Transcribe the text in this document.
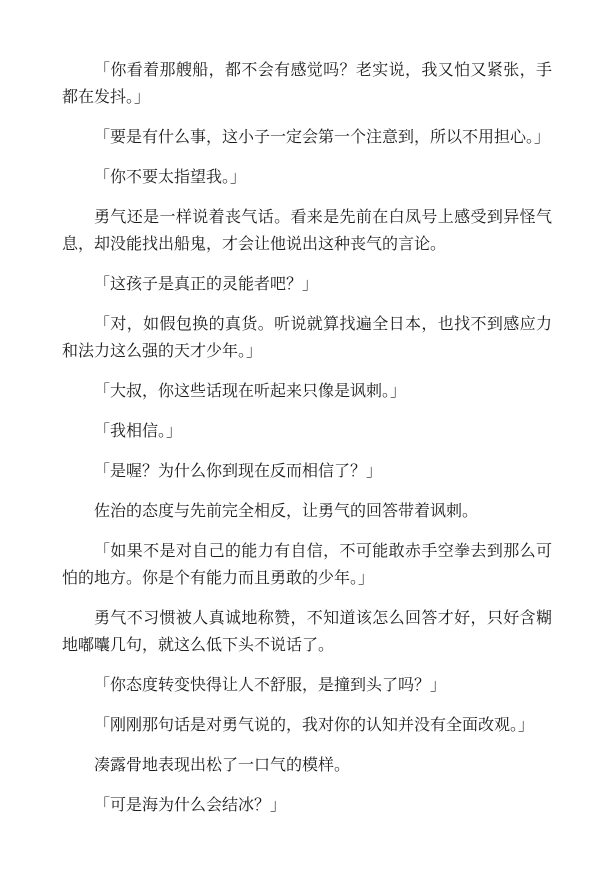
「你看着那艘船，都不会有感觉吗？老实说，我又怕又紧张，手都在发抖。」

「要是有什么事，这小子一定会第一个注意到，所以不用担心。」

「你不要太指望我。」

勇气还是一样说着丧气话。看来是先前在白凤号上感受到异怪气息，却没能找出船鬼，才会让他说出这种丧气的言论。

「这孩子是真正的灵能者吧？」

「对，如假包换的真货。听说就算找遍全日本，也找不到感应力和法力这么强的天才少年。」

「大叔，你这些话现在听起来只像是讽刺。」

「我相信。」

「是喔？为什么你到现在反而相信了？」

佐治的态度与先前完全相反，让勇气的回答带着讽刺。

「如果不是对自己的能力有自信，不可能敢赤手空拳去到那么可怕的地方。你是个有能力而且勇敢的少年。」

勇气不习惯被人真诚地称赞，不知道该怎么回答才好，只好含糊地嘟囔几句，就这么低下头不说话了。

「你态度转变快得让人不舒服，是撞到头了吗？」

「刚刚那句话是对勇气说的，我对你的认知并没有全面改观。」

凑露骨地表现出松了一口气的模样。

「可是海为什么会结冰？」
